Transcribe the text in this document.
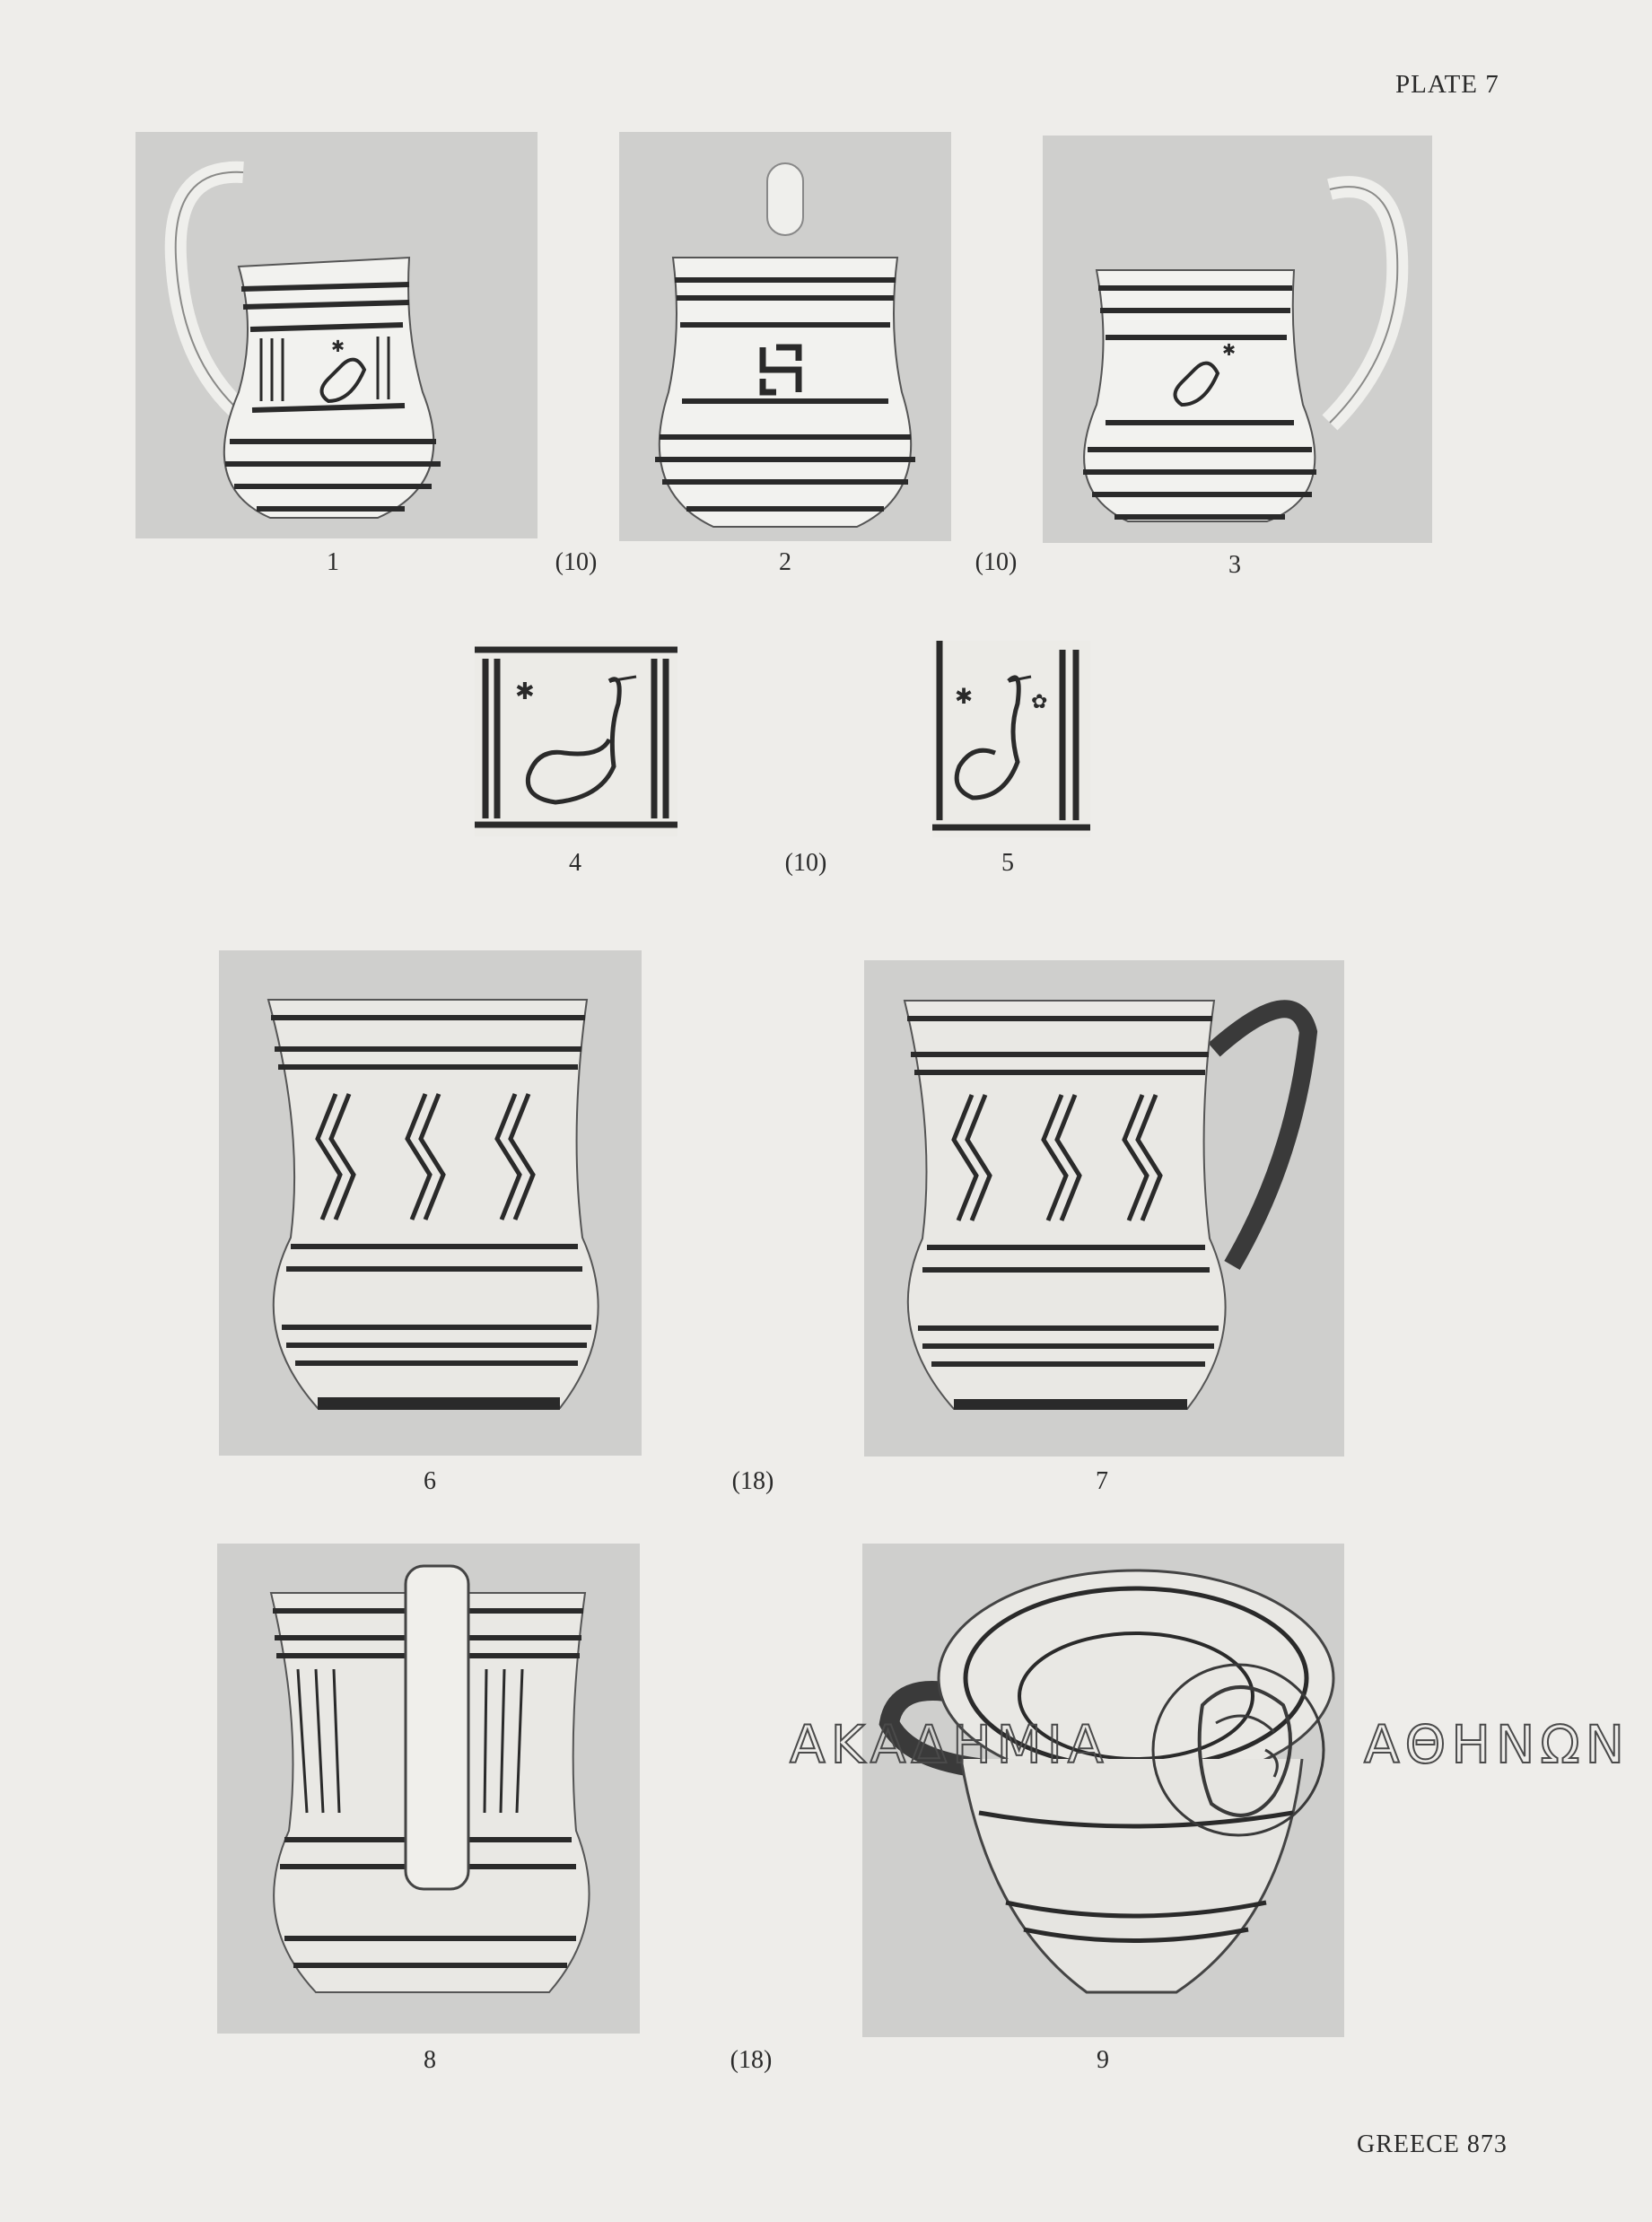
PLATE 7
✱	✱
1	(10)	2	(10)	3
✱	✱	✿
4	(10)	5
6	(18)	7
8	(18)	9
ΑΘΗΝΩΝ
GREECE 873
